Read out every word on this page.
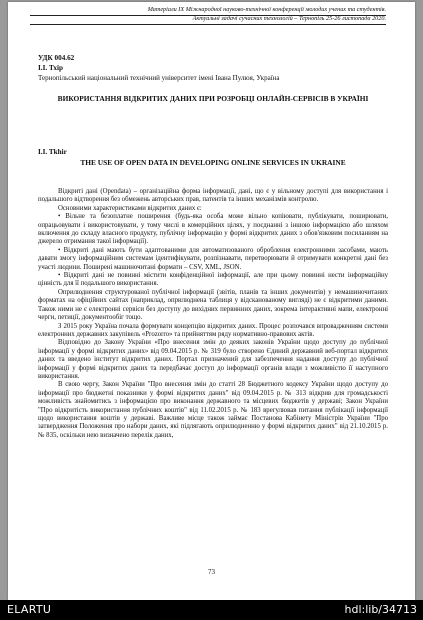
Матеріали IX Міжнародної науково-технічної конференції молодих учених та студентів.
Актуальні задачі сучасних технологій – Тернопіль 25-26 листопада 2020.
УДК 004.62
І.І. Тхір
Тернопільський національний технічний університет імені Івана Пулюя, Україна
ВИКОРИСТАННЯ ВІДКРИТИХ ДАНИХ ПРИ РОЗРОБЦІ ОНЛАЙН-СЕРВІСІВ В УКРАЇНІ
I.I. Tkhir
THE USE OF OPEN DATA IN DEVELOPING ONLINE SERVICES IN UKRAINE

Відкриті дані (Opendata) – організаційна форма інформації, дані, що є у вільному доступі для використання і подальшого відтворення без обмежень авторських прав, патентів та інших механізмів контролю.

Основними характеристиками відкритих даних є:

• Вільне та безоплатне поширення (будь-яка особа може вільно копіювати, публікувати, поширювати, опрацьовувати і використовувати, у тому числі в комерційних цілях, у поєднанні з іншою інформацією або шляхом включення до складу власного продукту, публічну інформацію у формі відкритих даних з обов'язковим посиланням на джерело отримання такої інформації).

• Відкриті дані мають бути адаптованими для автоматизованого оброблення електронними засобами, мають давати змогу інформаційним системам ідентифікувати, розпізнавати, перетворювати й отримувати конкретні дані без участі людини. Поширені машиночитані формати – CSV, XML, JSON.

• Відкриті дані не повинні містити конфіденційної інформації, але при цьому повинні нести інформаційну цінність для її подальшого використання.

Оприлюднення структурованої публічної інформації (звітів, планів та інших документів) у немашиночитаних форматах на офіційних сайтах (наприклад, оприлюднена таблиця у відсканованому вигляді) не є відкритими даними. Також ними не є електронні сервіси без доступу до вихідних первинних даних, зокрема інтерактивні мапи, електронні черги, петиції, документообіг тощо.

З 2015 року Україна почала формувати концепцію відкритих даних. Процес розпочався впровадженням системи електронних державних закупівель «Prozorro» та прийняттям ряду нормативно-правових актів.

Відповідно до Закону України «Про внесення змін до деяких законів України щодо доступу до публічної інформації у формі відкритих даних» від 09.04.2015 р. № 319 було створено Єдиний державний веб-портал відкритих даних та введено інститут відкритих даних. Портал призначений для забезпечення надання доступу до публічної інформації у формі відкритих даних та передбачає доступ до інформації органів влади з можливістю її наступного використання.

В свою чергу, Закон України "Про внесення змін до статті 28 Бюджетного кодексу України щодо доступу до інформації про бюджетні показники у формі відкритих даних" від 09.04.2015 р. № 313 відкрив для громадськості можливість знайомитись з інформацією про виконання державного та місцевих бюджетів у державі; Закон України "Про відкритість використання публічних коштів" від 11.02.2015 р. № 183 врегулював питання публікації інформації щодо використання коштів у державі. Важливе місце також займає Постанова Кабінету Міністрів України "Про затвердження Положення про набори даних, які підлягають оприлюдненню у формі відкритих даних" від 21.10.2015 р. № 835, оскільки нею визначено перелік даних,

73
ELARTU	hdl:lib/34713
